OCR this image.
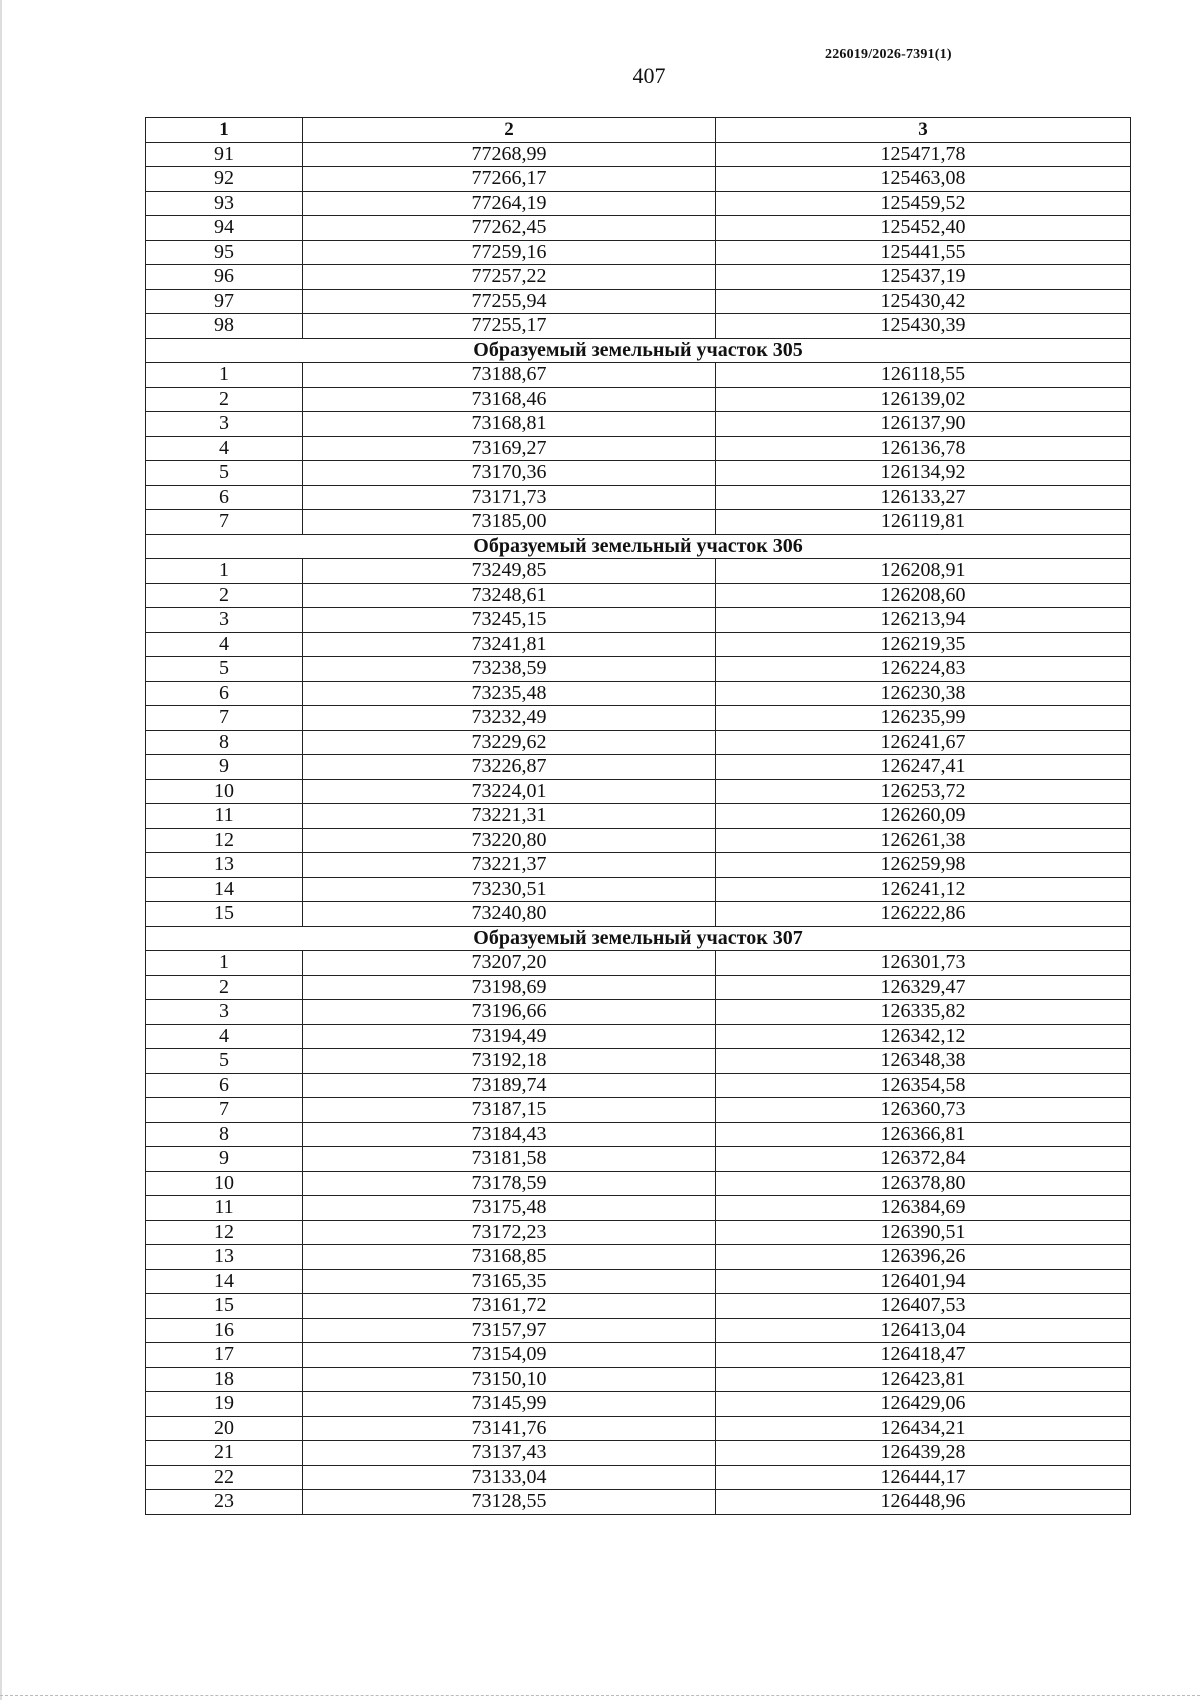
226019/2026-7391(1)
407
1	2	3
91	77268,99	125471,78
92	77266,17	125463,08
93	77264,19	125459,52
94	77262,45	125452,40
95	77259,16	125441,55
96	77257,22	125437,19
97	77255,94	125430,42
98	77255,17	125430,39
Образуемый земельный участок 305		
1	73188,67	126118,55
2	73168,46	126139,02
3	73168,81	126137,90
4	73169,27	126136,78
5	73170,36	126134,92
6	73171,73	126133,27
7	73185,00	126119,81
Образуемый земельный участок 306		
1	73249,85	126208,91
2	73248,61	126208,60
3	73245,15	126213,94
4	73241,81	126219,35
5	73238,59	126224,83
6	73235,48	126230,38
7	73232,49	126235,99
8	73229,62	126241,67
9	73226,87	126247,41
10	73224,01	126253,72
11	73221,31	126260,09
12	73220,80	126261,38
13	73221,37	126259,98
14	73230,51	126241,12
15	73240,80	126222,86
Образуемый земельный участок 307		
1	73207,20	126301,73
2	73198,69	126329,47
3	73196,66	126335,82
4	73194,49	126342,12
5	73192,18	126348,38
6	73189,74	126354,58
7	73187,15	126360,73
8	73184,43	126366,81
9	73181,58	126372,84
10	73178,59	126378,80
11	73175,48	126384,69
12	73172,23	126390,51
13	73168,85	126396,26
14	73165,35	126401,94
15	73161,72	126407,53
16	73157,97	126413,04
17	73154,09	126418,47
18	73150,10	126423,81
19	73145,99	126429,06
20	73141,76	126434,21
21	73137,43	126439,28
22	73133,04	126444,17
23	73128,55	126448,96
